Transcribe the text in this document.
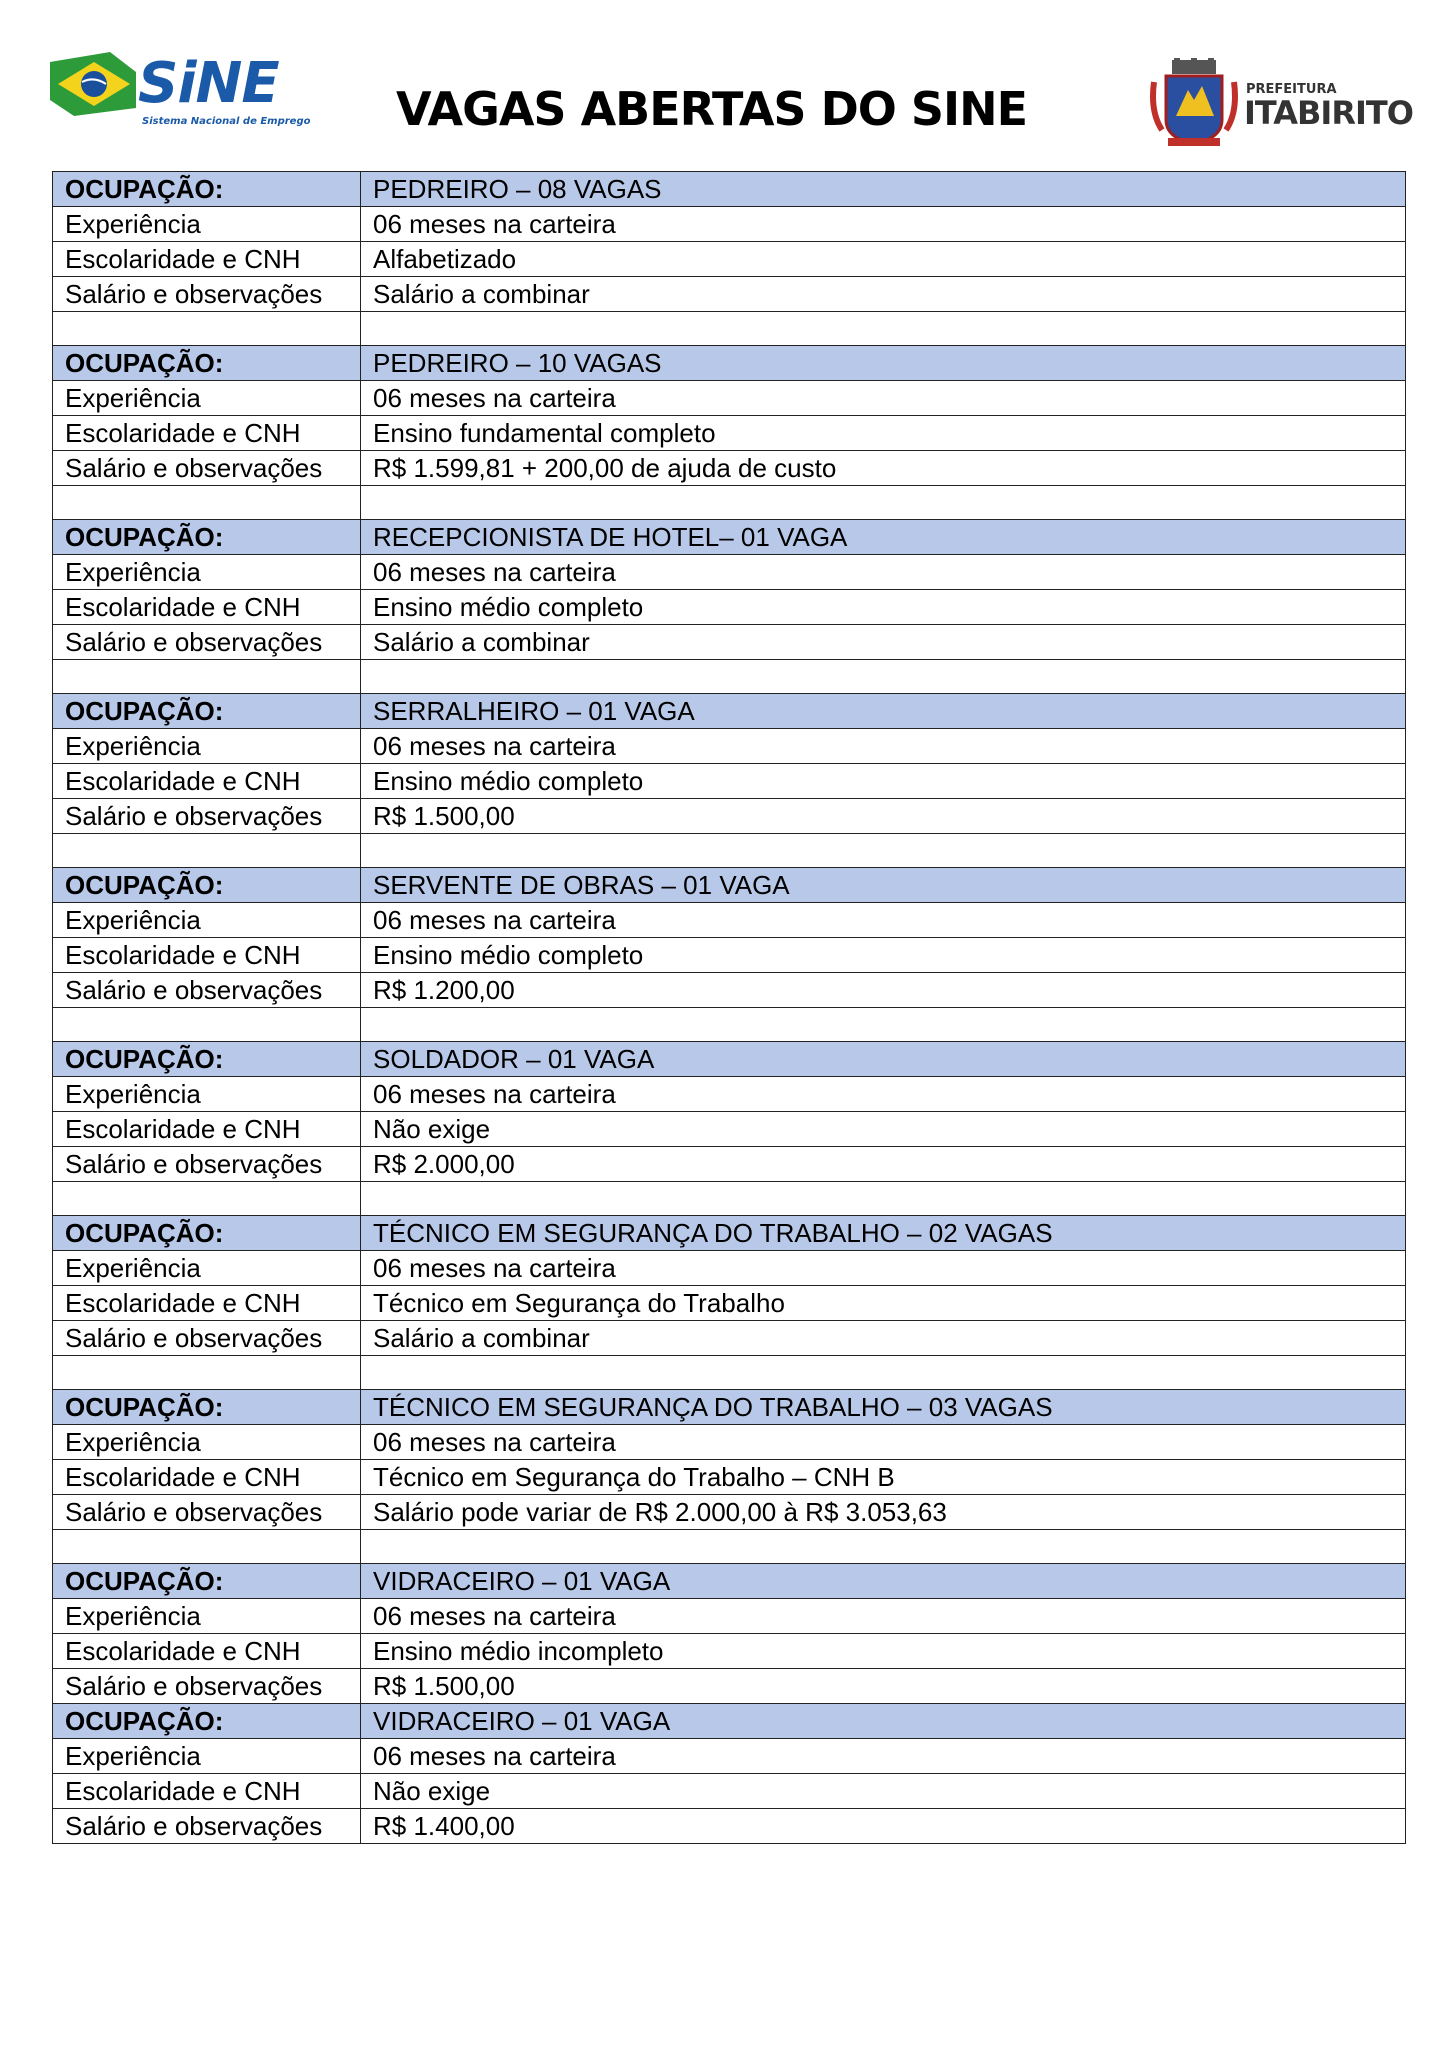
SiNE
Sistema Nacional de Emprego VAGAS ABERTAS DO SINE	PREFEITURA
ITABIRITO
OCUPAÇÃO:	PEDREIRO – 08 VAGAS
Experiência	06 meses na carteira
Escolaridade e CNH	Alfabetizado
Salário e observações	Salário a combinar

OCUPAÇÃO:	PEDREIRO – 10 VAGAS
Experiência	06 meses na carteira
Escolaridade e CNH	Ensino fundamental completo
Salário e observações	R$ 1.599,81 + 200,00 de ajuda de custo

OCUPAÇÃO:	RECEPCIONISTA DE HOTEL– 01 VAGA
Experiência	06 meses na carteira
Escolaridade e CNH	Ensino médio completo
Salário e observações	Salário a combinar

OCUPAÇÃO:	SERRALHEIRO – 01 VAGA
Experiência	06 meses na carteira
Escolaridade e CNH	Ensino médio completo
Salário e observações	R$ 1.500,00

OCUPAÇÃO:	SERVENTE DE OBRAS – 01 VAGA
Experiência	06 meses na carteira
Escolaridade e CNH	Ensino médio completo
Salário e observações	R$ 1.200,00

OCUPAÇÃO:	SOLDADOR – 01 VAGA
Experiência	06 meses na carteira
Escolaridade e CNH	Não exige
Salário e observações	R$ 2.000,00

OCUPAÇÃO:	TÉCNICO EM SEGURANÇA DO TRABALHO – 02 VAGAS
Experiência	06 meses na carteira
Escolaridade e CNH	Técnico em Segurança do Trabalho
Salário e observações	Salário a combinar

OCUPAÇÃO:	TÉCNICO EM SEGURANÇA DO TRABALHO – 03 VAGAS
Experiência	06 meses na carteira
Escolaridade e CNH	Técnico em Segurança do Trabalho – CNH B
Salário e observações	Salário pode variar de R$ 2.000,00 à R$ 3.053,63

OCUPAÇÃO:	VIDRACEIRO – 01 VAGA
Experiência	06 meses na carteira
Escolaridade e CNH	Ensino médio incompleto
Salário e observações	R$ 1.500,00
OCUPAÇÃO:	VIDRACEIRO – 01 VAGA
Experiência	06 meses na carteira
Escolaridade e CNH	Não exige
Salário e observações	R$ 1.400,00
